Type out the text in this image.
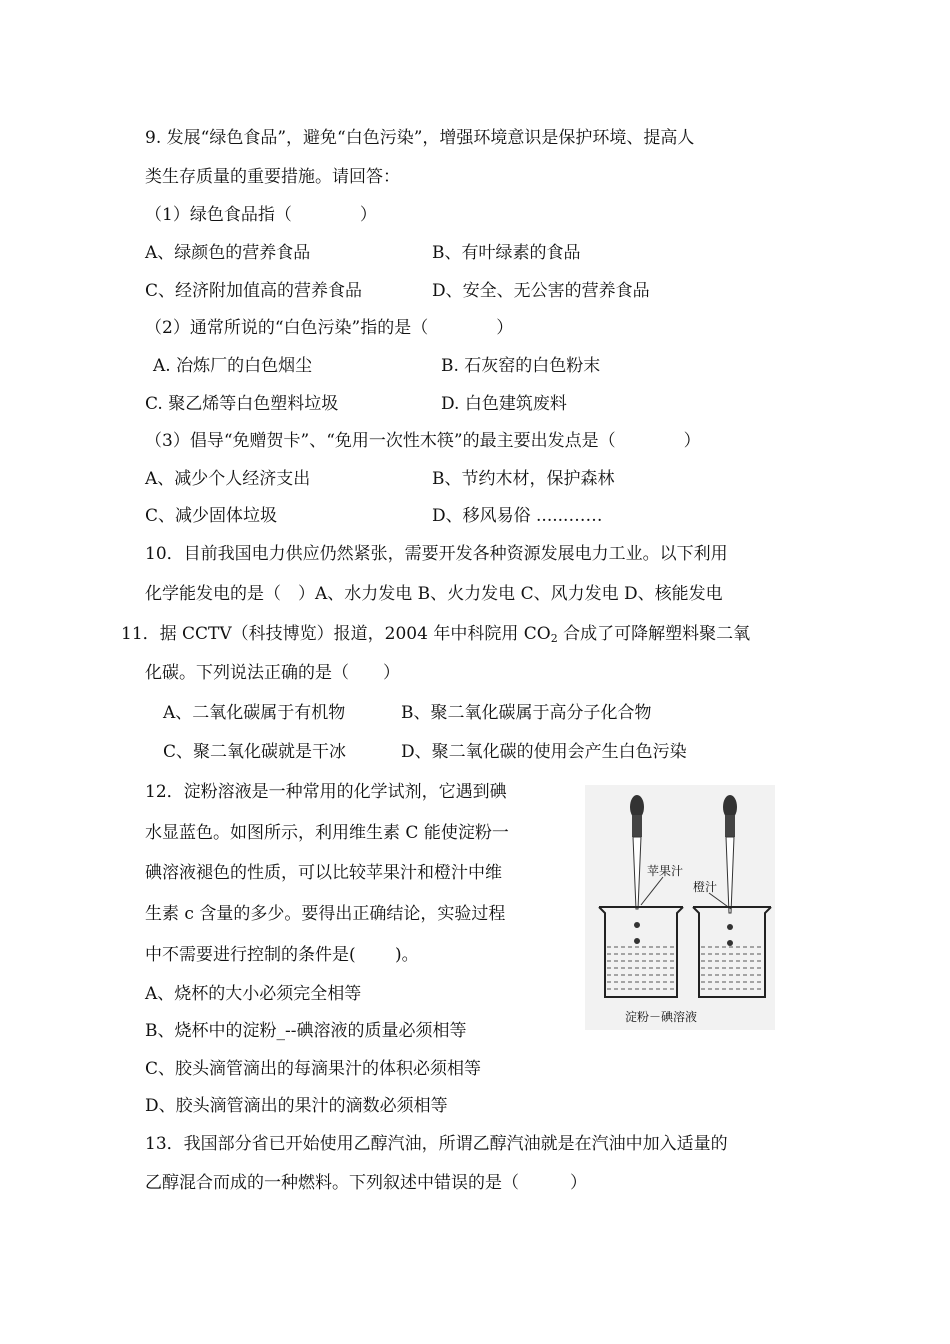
9. 发展“绿色食品”，避免“白色污染”，增强环境意识是保护环境、提高人
类生存质量的重要措施。请回答：
（1）绿色食品指（　　　　）
A、绿颜色的营养食品	B、有叶绿素的食品
C、经济附加值高的营养食品	D、安全、无公害的营养食品
（2）通常所说的“白色污染”指的是（　　　　）
A. 冶炼厂的白色烟尘	B. 石灰窑的白色粉末
C. 聚乙烯等白色塑料垃圾	D. 白色建筑废料
（3）倡导“免赠贺卡”、“免用一次性木筷”的最主要出发点是（　　　　）
A、减少个人经济支出	B、节约木材，保护森林
C、减少固体垃圾	D、移风易俗 ......……
10．目前我国电力供应仍然紧张，需要开发各种资源发展电力工业。以下利用
化学能发电的是（　）A、水力发电 B、火力发电 C、风力发电 D、核能发电
11．据 CCTV（科技博览）报道，2004 年中科院用 $CO_2$ 合成了可降解塑料聚二氧
化碳。下列说法正确的是（　　）
A、二氧化碳属于有机物	B、聚二氧化碳属于高分子化合物
C、聚二氧化碳就是干冰	D、聚二氧化碳的使用会产生白色污染
12．淀粉溶液是一种常用的化学试剂，它遇到碘
水显蓝色。如图所示，利用维生素 C 能使淀粉一
碘溶液褪色的性质，可以比较苹果汁和橙汁中维
生素 c 含量的多少。要得出正确结论，实验过程
中不需要进行控制的条件是(　　 )。
A、烧杯的大小必须完全相等
B、烧杯中的淀粉_--碘溶液的质量必须相等
C、胶头滴管滴出的每滴果汁的体积必须相等
D、胶头滴管滴出的果汁的滴数必须相等
苹果汁
橙汁
淀粉－碘溶液
13．我国部分省已开始使用乙醇汽油，所谓乙醇汽油就是在汽油中加入适量的
乙醇混合而成的一种燃料。下列叙述中错误的是（　　　）
